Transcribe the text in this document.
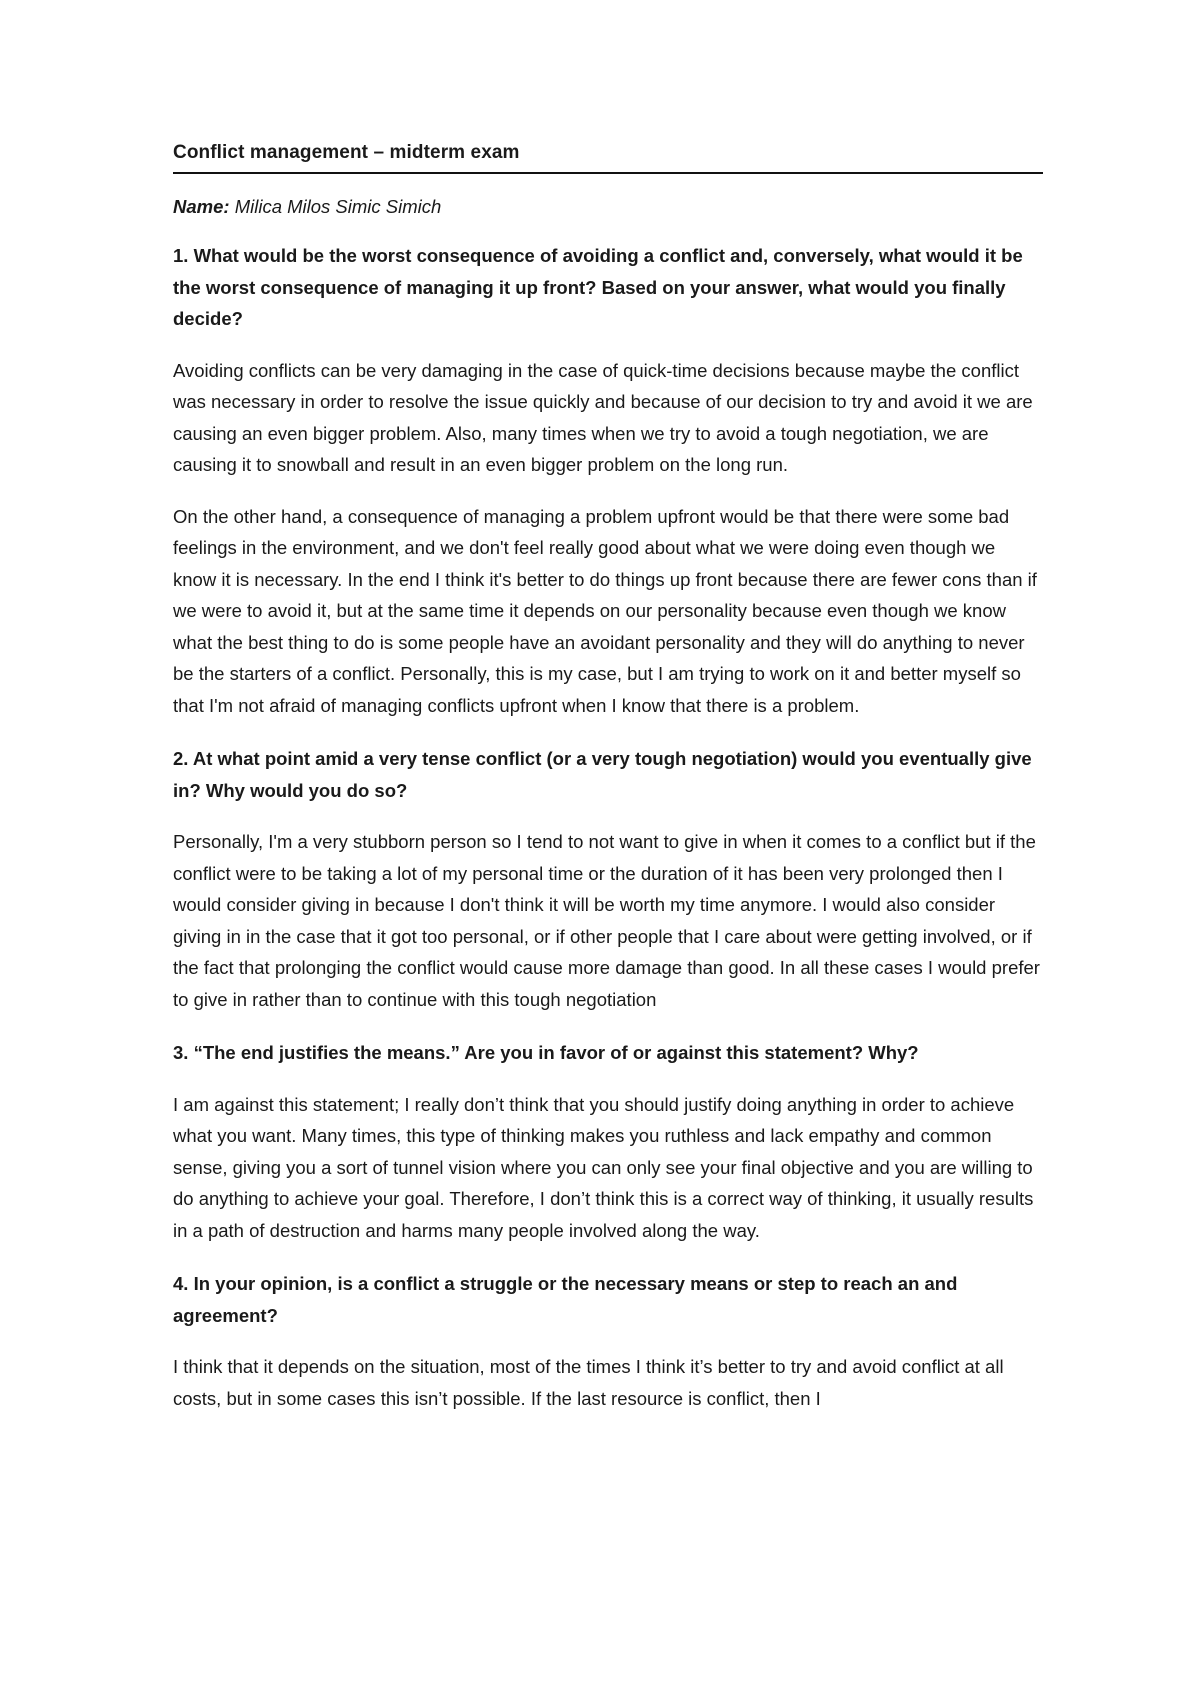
Conflict management – midterm exam

Name: Milica Milos Simic Simich

1. What would be the worst consequence of avoiding a conflict and, conversely, what would it be the worst consequence of managing it up front? Based on your answer, what would you finally decide?

Avoiding conflicts can be very damaging in the case of quick-time decisions because maybe the conflict was necessary in order to resolve the issue quickly and because of our decision to try and avoid it we are causing an even bigger problem. Also, many times when we try to avoid a tough negotiation, we are causing it to snowball and result in an even bigger problem on the long run.

On the other hand, a consequence of managing a problem upfront would be that there were some bad feelings in the environment, and we don't feel really good about what we were doing even though we know it is necessary. In the end I think it's better to do things up front because there are fewer cons than if we were to avoid it, but at the same time it depends on our personality because even though we know what the best thing to do is some people have an avoidant personality and they will do anything to never be the starters of a conflict. Personally, this is my case, but I am trying to work on it and better myself so that I'm not afraid of managing conflicts upfront when I know that there is a problem.

2. At what point amid a very tense conflict (or a very tough negotiation) would you eventually give in? Why would you do so?

Personally, I'm a very stubborn person so I tend to not want to give in when it comes to a conflict but if the conflict were to be taking a lot of my personal time or the duration of it has been very prolonged then I would consider giving in because I don't think it will be worth my time anymore. I would also consider giving in in the case that it got too personal, or if other people that I care about were getting involved, or if the fact that prolonging the conflict would cause more damage than good. In all these cases I would prefer to give in rather than to continue with this tough negotiation

3. “The end justifies the means.” Are you in favor of or against this statement? Why?

I am against this statement; I really don’t think that you should justify doing anything in order to achieve what you want. Many times, this type of thinking makes you ruthless and lack empathy and common sense, giving you a sort of tunnel vision where you can only see your final objective and you are willing to do anything to achieve your goal. Therefore, I don’t think this is a correct way of thinking, it usually results in a path of destruction and harms many people involved along the way.

4. In your opinion, is a conflict a struggle or the necessary means or step to reach an and agreement?

I think that it depends on the situation, most of the times I think it’s better to try and avoid conflict at all costs, but in some cases this isn’t possible. If the last resource is conflict, then I
